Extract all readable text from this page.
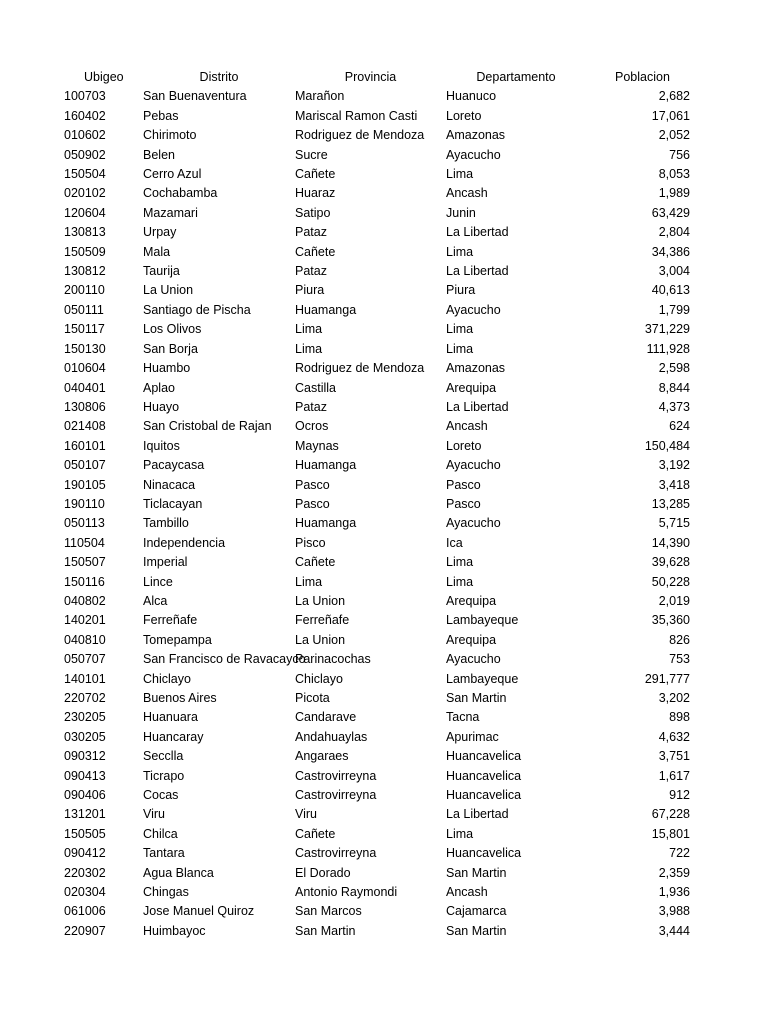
Ubigeo	Distrito	Provincia	Departamento	Poblacion
100703	San Buenaventura	Marañon	Huanuco	2,682
160402	Pebas	Mariscal Ramon Casti	Loreto	17,061
010602	Chirimoto	Rodriguez de Mendoza	Amazonas	2,052
050902	Belen	Sucre	Ayacucho	756
150504	Cerro Azul	Cañete	Lima	8,053
020102	Cochabamba	Huaraz	Ancash	1,989
120604	Mazamari	Satipo	Junin	63,429
130813	Urpay	Pataz	La Libertad	2,804
150509	Mala	Cañete	Lima	34,386
130812	Taurija	Pataz	La Libertad	3,004
200110	La Union	Piura	Piura	40,613
050111	Santiago de Pischa	Huamanga	Ayacucho	1,799
150117	Los Olivos	Lima	Lima	371,229
150130	San Borja	Lima	Lima	111,928
010604	Huambo	Rodriguez de Mendoza	Amazonas	2,598
040401	Aplao	Castilla	Arequipa	8,844
130806	Huayo	Pataz	La Libertad	4,373
021408	San Cristobal de Rajan	Ocros	Ancash	624
160101	Iquitos	Maynas	Loreto	150,484
050107	Pacaycasa	Huamanga	Ayacucho	3,192
190105	Ninacaca	Pasco	Pasco	3,418
190110	Ticlacayan	Pasco	Pasco	13,285
050113	Tambillo	Huamanga	Ayacucho	5,715
110504	Independencia	Pisco	Ica	14,390
150507	Imperial	Cañete	Lima	39,628
150116	Lince	Lima	Lima	50,228
040802	Alca	La Union	Arequipa	2,019
140201	Ferreñafe	Ferreñafe	Lambayeque	35,360
040810	Tomepampa	La Union	Arequipa	826
050707	San Francisco de Ravacayco	Parinacochas	Ayacucho	753
140101	Chiclayo	Chiclayo	Lambayeque	291,777
220702	Buenos Aires	Picota	San Martin	3,202
230205	Huanuara	Candarave	Tacna	898
030205	Huancaray	Andahuaylas	Apurimac	4,632
090312	Secclla	Angaraes	Huancavelica	3,751
090413	Ticrapo	Castrovirreyna	Huancavelica	1,617
090406	Cocas	Castrovirreyna	Huancavelica	912
131201	Viru	Viru	La Libertad	67,228
150505	Chilca	Cañete	Lima	15,801
090412	Tantara	Castrovirreyna	Huancavelica	722
220302	Agua Blanca	El Dorado	San Martin	2,359
020304	Chingas	Antonio Raymondi	Ancash	1,936
061006	Jose Manuel Quiroz	San Marcos	Cajamarca	3,988
220907	Huimbayoc	San Martin	San Martin	3,444
